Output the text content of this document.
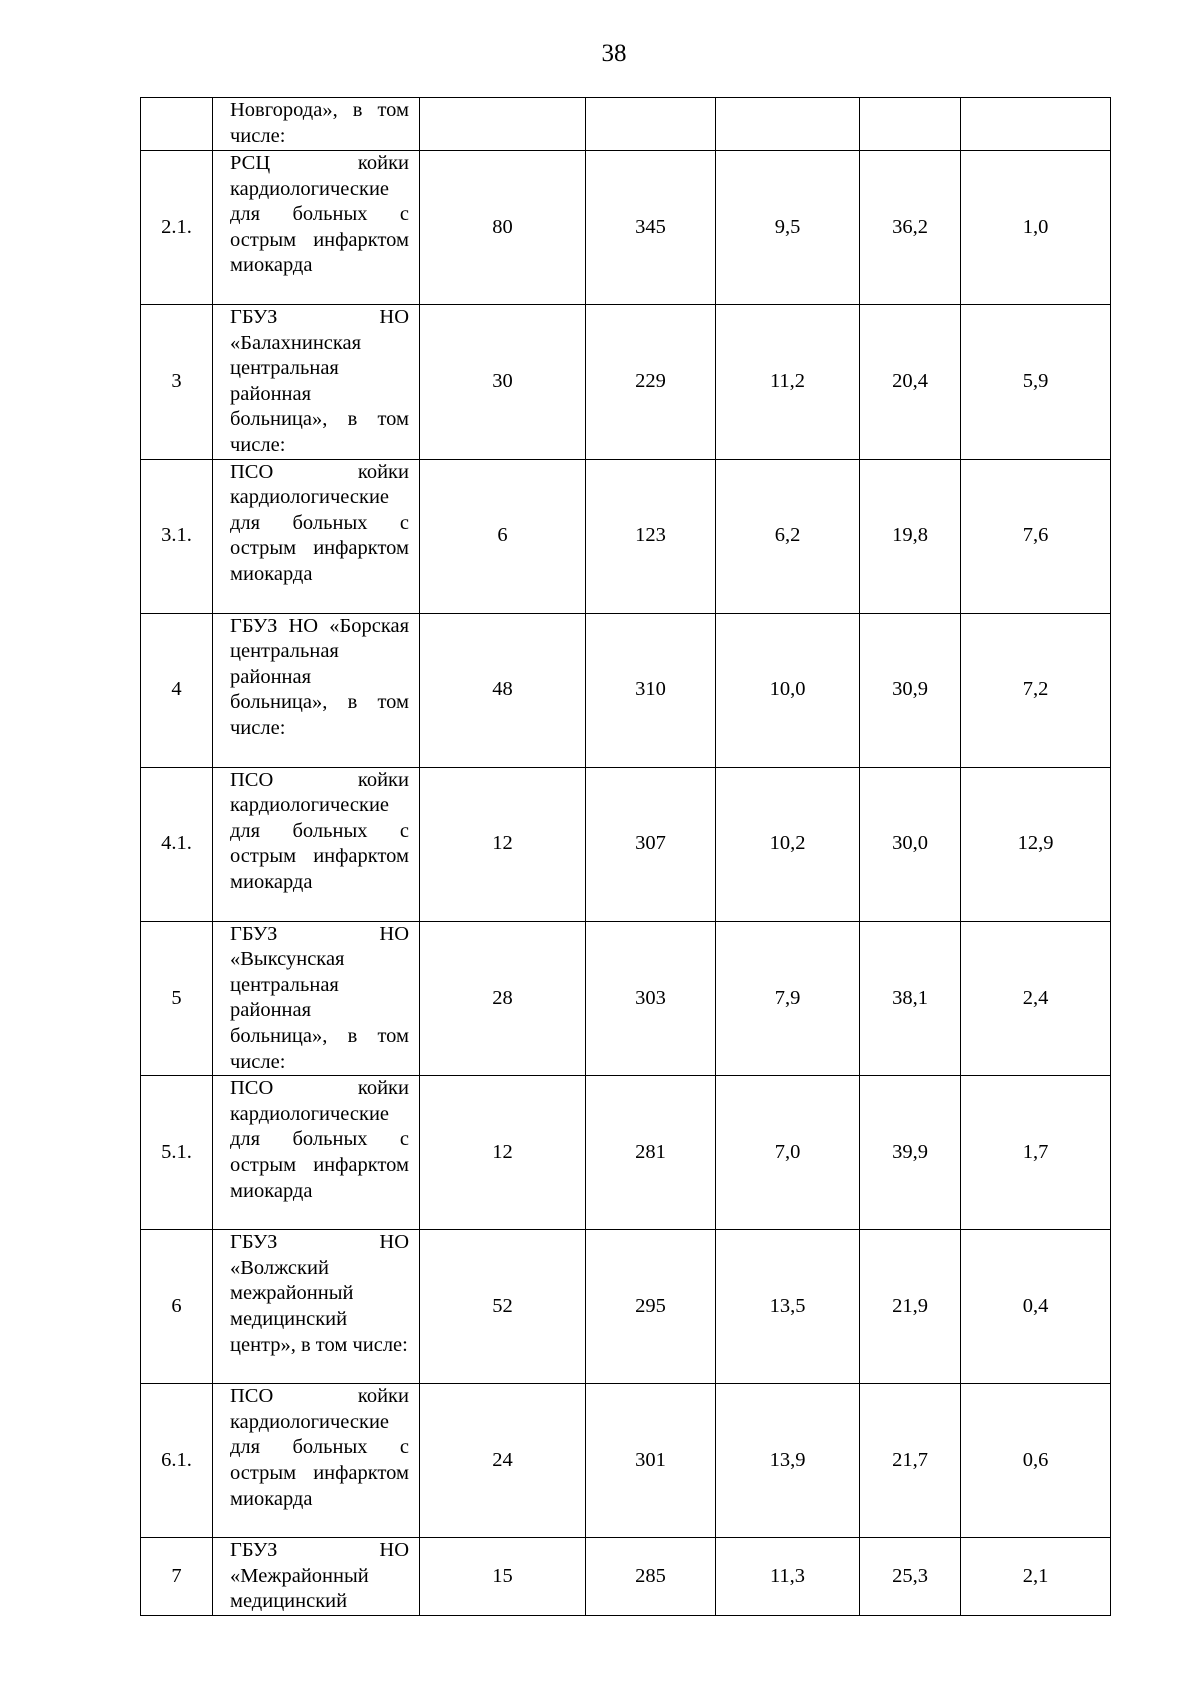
38
	Новгорода», в том числе:					
2.1.	РСЦ койки кардиологические для больных с острым инфарктом миокарда	80	345	9,5	36,2	1,0
3	ГБУЗ НО «Балахнинская центральная районная больница», в том числе:	30	229	11,2	20,4	5,9
3.1.	ПСО койки кардиологические для больных с острым инфарктом миокарда	6	123	6,2	19,8	7,6
4	ГБУЗ НО «Борская центральная районная больница», в том числе:	48	310	10,0	30,9	7,2
4.1.	ПСО койки кардиологические для больных с острым инфарктом миокарда	12	307	10,2	30,0	12,9
5	ГБУЗ НО «Выксунская центральная районная больница», в том числе:	28	303	7,9	38,1	2,4
5.1.	ПСО койки кардиологические для больных с острым инфарктом миокарда	12	281	7,0	39,9	1,7
6	ГБУЗ НО «Волжский межрайонный медицинский центр», в том числе:	52	295	13,5	21,9	0,4
6.1.	ПСО койки кардиологические для больных с острым инфарктом миокарда	24	301	13,9	21,7	0,6
7	ГБУЗ НО «Межрайонный медицинский	15	285	11,3	25,3	2,1
